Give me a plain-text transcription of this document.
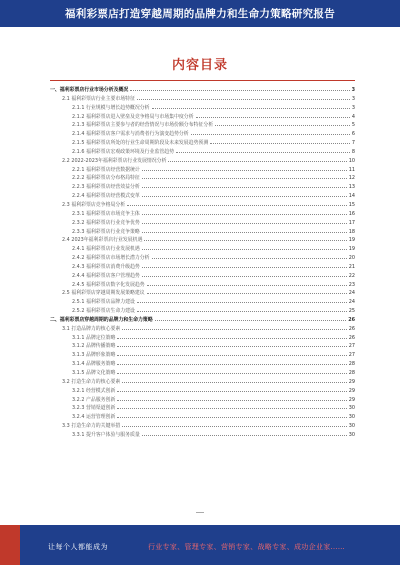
福利彩票店打造穿越周期的品牌力和生命力策略研究报告
内容目录
一、福利彩票店行业市场分析及概况	3
2.1 福利彩票店行业主要市场特征	3
2.1.1 行业规模与增长趋势概况分析	3
2.1.2 福利彩票店进入壁垒及竞争格局与市场集中度分析	4
2.1.3 福利彩票店主要参与者的经营情况与市场份额分布特征分析	5
2.1.4 福利彩票店客户需求与消费者行为演变趋势分析	6
2.1.5 福利彩票店所处的行业生命周期阶段及未来发展趋势预测	7
2.1.6 福利彩票店宏观政策环境及行业监管趋势	8
2.2 2022-2023年福利彩票店行业发展情况分析	10
2.2.1 福利彩票店经营数据统计	11
2.2.2 福利彩票店分布格局特征	12
2.2.3 福利彩票店经营效益分析	13
2.2.4 福利彩票店经营模式变革	14
2.3 福利彩票店竞争格局分析	15
2.3.1 福利彩票店市场竞争主体	16
2.3.2 福利彩票店行业竞争优势	17
2.3.3 福利彩票店行业竞争策略	18
2.4 2023年福利彩票店行业发展机遇	19
2.4.1 福利彩票店行业发展机遇	19
2.4.2 福利彩票店市场增长潜力分析	20
2.4.3 福利彩票店消费升级趋势	21
2.4.4 福利彩票店客户管理趋势	22
2.4.5 福利彩票店数字化发展趋势	23
2.5 福利彩票店穿越周期发展策略建议	24
2.5.1 福利彩票店品牌力建设	24
2.5.2 福利彩票店生命力建设	25
二、福利彩票店穿越周期的品牌力和生命力策略	26
3.1 打造品牌力的核心要素	26
3.1.1 品牌定位策略	26
3.1.2 品牌传播策略	27
3.1.3 品牌形象策略	27
3.1.4 品牌服务策略	28
3.1.5 品牌文化策略	28
3.2 打造生命力的核心要素	29
3.2.1 经营模式创新	29
3.2.2 产品服务创新	29
3.2.3 营销渠道创新	30
3.2.4 运营管理创新	30
3.3 打造生命力的关键举措	30
3.3.1 提升客户体验与服务质量	30
让每个人都能成为	行业专家、管理专家、营销专家、战略专家、成功企业家……
